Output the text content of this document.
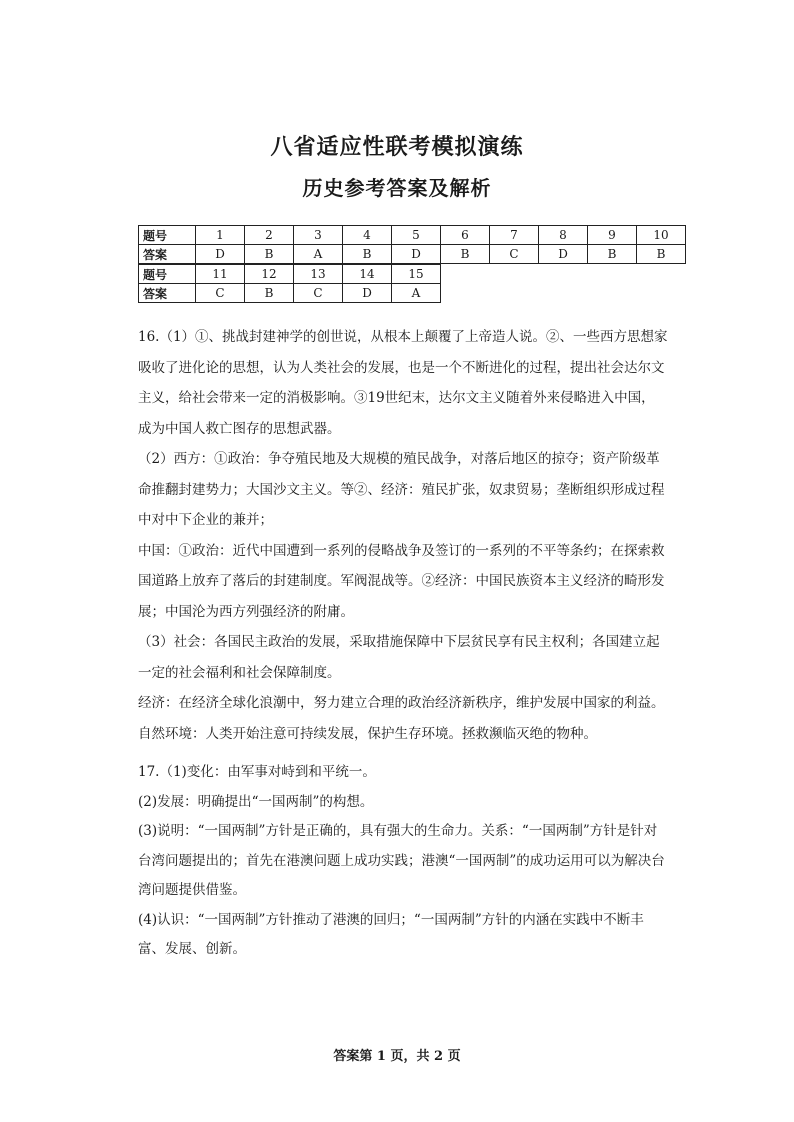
八省适应性联考模拟演练
历史参考答案及解析
题号	1	2	3	4	5	6	7	8	9	10
答案	D	B	A	B	D	B	C	D	B	B
题号	11	12	13	14	15
答案	C	B	C	D	A

16.（1）①、挑战封建神学的创世说，从根本上颠覆了上帝造人说。②、一些西方思想家吸收了进化论的思想，认为人类社会的发展，也是一个不断进化的过程，提出社会达尔文主义，给社会带来一定的消极影响。③19世纪末，达尔文主义随着外来侵略进入中国，成为中国人救亡图存的思想武器。

（2）西方：①政治：争夺殖民地及大规模的殖民战争，对落后地区的掠夺；资产阶级革命推翻封建势力；大国沙文主义。等②、经济：殖民扩张，奴隶贸易；垄断组织形成过程中对中下企业的兼并；

中国：①政治：近代中国遭到一系列的侵略战争及签订的一系列的不平等条约；在探索救国道路上放弃了落后的封建制度。军阀混战等。②经济：中国民族资本主义经济的畸形发展；中国沦为西方列强经济的附庸。

（3）社会：各国民主政治的发展，采取措施保障中下层贫民享有民主权利；各国建立起一定的社会福利和社会保障制度。

经济：在经济全球化浪潮中，努力建立合理的政治经济新秩序，维护发展中国家的利益。

自然环境：人类开始注意可持续发展，保护生存环境。拯救濒临灭绝的物种。

17.（1)变化：由军事对峙到和平统一。

(2)发展：明确提出“一国两制”的构想。

(3)说明：“一国两制”方针是正确的，具有强大的生命力。关系：“一国两制”方针是针对台湾问题提出的；首先在港澳问题上成功实践；港澳“一国两制”的成功运用可以为解决台湾问题提供借鉴。

(4)认识：“一国两制”方针推动了港澳的回归；“一国两制”方针的内涵在实践中不断丰富、发展、创新。

答案第 1 页，共 2 页
